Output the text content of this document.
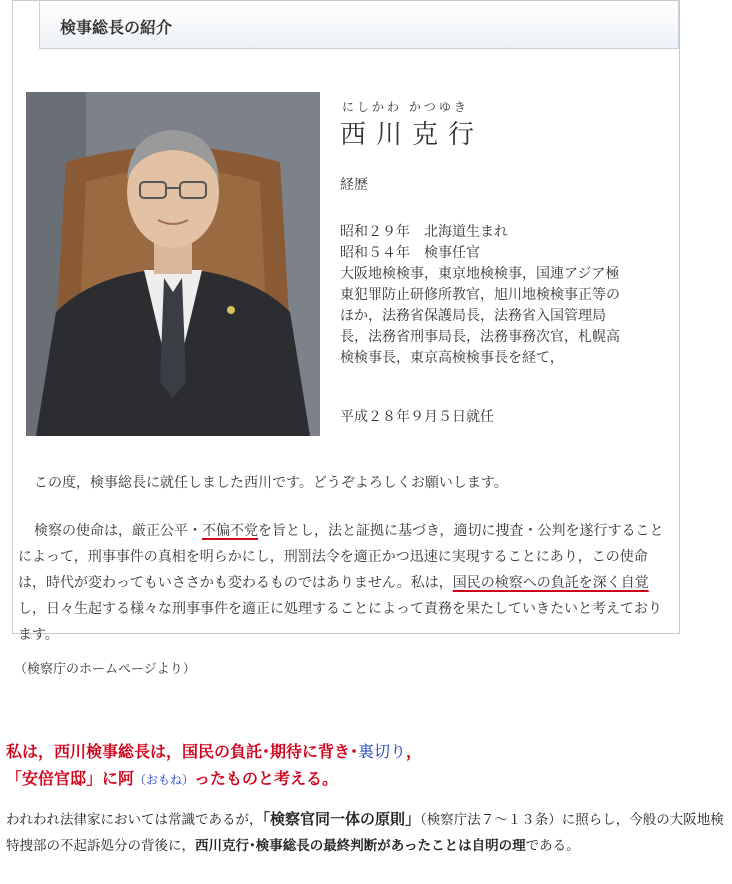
検事総長の紹介
にしかわ かつゆき
西川克行
経歴
昭和２９年　北海道生まれ
昭和５４年　検事任官
大阪地検検事，東京地検検事，国連アジア極
東犯罪防止研修所教官，旭川地検検事正等の
ほか，法務省保護局長，法務省入国管理局
長，法務省刑事局長，法務事務次官，札幌高
検検事長，東京高検検事長を経て，
平成２８年９月５日就任
この度，検事総長に就任しました西川です。どうぞよろしくお願いします。
検察の使命は，厳正公平・不偏不党を旨とし，法と証拠に基づき，適切に捜査・公判を遂行することによって，刑事事件の真相を明らかにし，刑罰法令を適正かつ迅速に実現することにあり，この使命は，時代が変わってもいささかも変わるものではありません。私は，国民の検察への負託を深く自覚し，日々生起する様々な刑事事件を適正に処理することによって責務を果たしていきたいと考えております。
（検察庁のホームページより）
私は，西川検事総長は，国民の負託･期待に背き･裏切り，
「安倍官邸」に阿（おもね）ったものと考える。
われわれ法律家においては常識であるが，「検察官同一体の原則」（検察庁法７～１３条）に照らし，今般の大阪地検特捜部の不起訴処分の背後に，西川克行･検事総長の最終判断があったことは自明の理である。
